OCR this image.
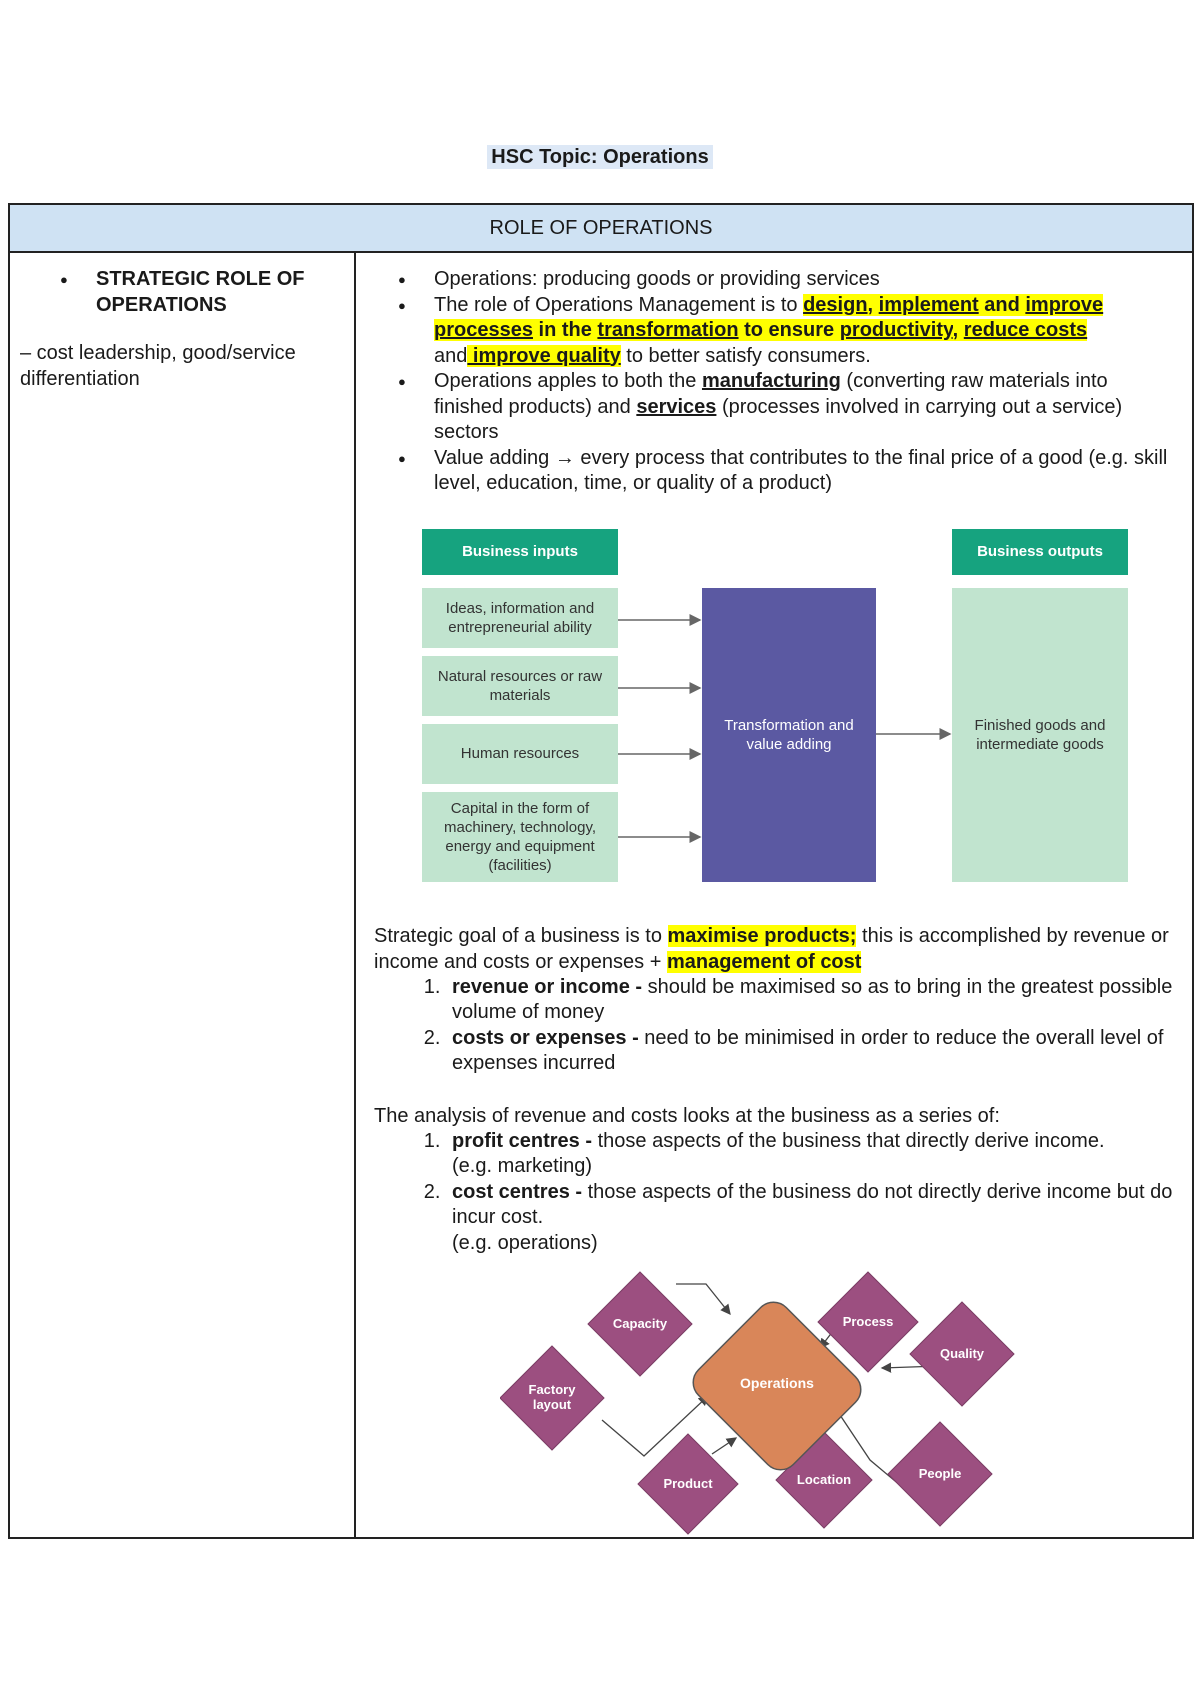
HSC Topic: Operations
ROLE OF OPERATIONS
● STRATEGIC ROLE OF OPERATIONS

– cost leadership, good/service differentiation

● Operations: producing goods or providing services
● The role of Operations Management is to design, implement and improve processes in the transformation to ensure productivity, reduce costs
and improve quality to better satisfy consumers.
● Operations apples to both the manufacturing (converting raw materials into finished products) and services (processes involved in carrying out a service) sectors
● Value adding → every process that contributes to the final price of a good (e.g. skill level, education, time, or quality of a product)
Business inputs	Business outputs
Ideas, information and entrepreneurial ability
Natural resources or raw materials
Human resources
Capital in the form of machinery, technology, energy and equipment (facilities)
Transformation and value adding
Finished goods and intermediate goods

Strategic goal of a business is to maximise products; this is accomplished by revenue or income and costs or expenses + management of cost

1. revenue or income - should be maximised so as to bring in the greatest possible volume of money
2. costs or expenses - need to be minimised in order to reduce the overall level of expenses incurred

The analysis of revenue and costs looks at the business as a series of:

1. profit centres - those aspects of the business that directly derive income.
(e.g. marketing)
2. cost centres - those aspects of the business do not directly derive income but do incur cost.
(e.g. operations)
Operations
Capacity	Process
Quality
Factory layout
People
Product	Location
